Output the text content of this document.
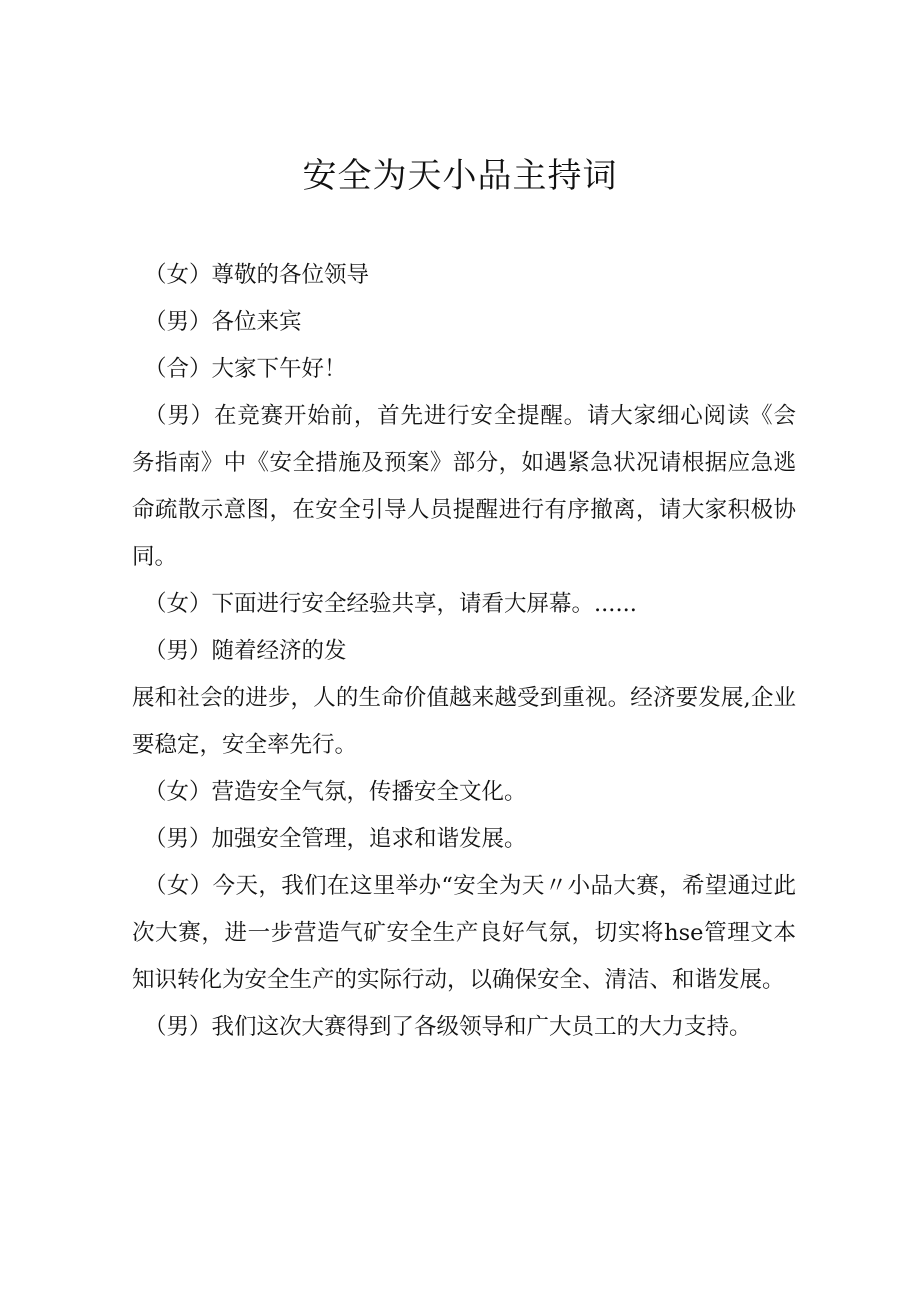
安全为天小品主持词

（女）尊敬的各位领导

（男）各位来宾

（合）大家下午好！

（男）在竞赛开始前，首先进行安全提醒。请大家细心阅读《会务指南》中《安全措施及预案》部分，如遇紧急状况请根据应急逃命疏散示意图，在安全引导人员提醒进行有序撤离，请大家积极协同。

（女）下面进行安全经验共享，请看大屏幕。......

（男）随着经济的发

展和社会的进步，人的生命价值越来越受到重视。经济要发展,企业要稳定，安全率先行。

（女）营造安全气氛，传播安全文化。

（男）加强安全管理，追求和谐发展。

（女）今天，我们在这里举办“安全为天〃小品大赛，希望通过此次大赛，进一步营造气矿安全生产良好气氛，切实将hse管理文本知识转化为安全生产的实际行动，以确保安全、清洁、和谐发展。

（男）我们这次大赛得到了各级领导和广大员工的大力支持。
